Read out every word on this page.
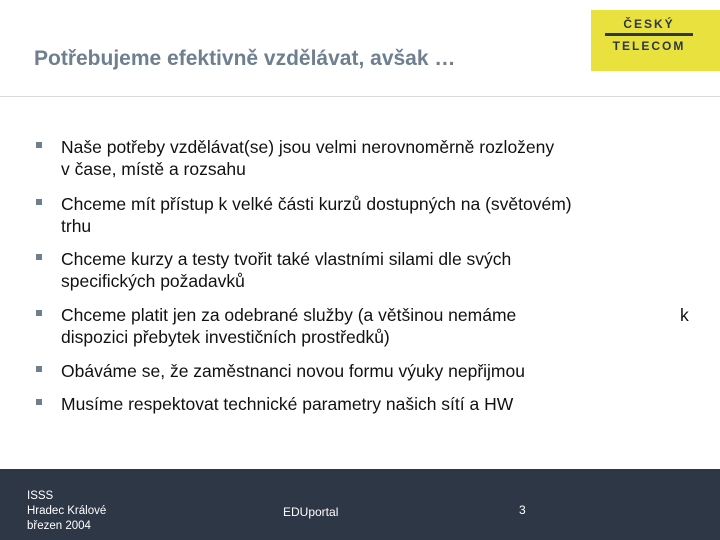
Potřebujeme efektivně vzdělávat, avšak …
Naše potřeby vzdělávat(se) jsou velmi nerovnoměrně rozloženy
v čase, místě a rozsahu
Chceme mít přístup k velké části kurzů dostupných na (světovém)
trhu
Chceme kurzy a testy tvořit také vlastními silami dle svých
specifických požadavků
Chceme platit jen za odebrané služby (a většinou nemáme
dispozici přebytek investičních prostředků)
Obáváme se, že zaměstnanci novou formu výuky nepřijmou
Musíme respektovat technické parametry našich sítí a HW
k
ISSS
Hradec Králové
březen 2004
EDUportal	3
ČESKÝ
TELECOM
